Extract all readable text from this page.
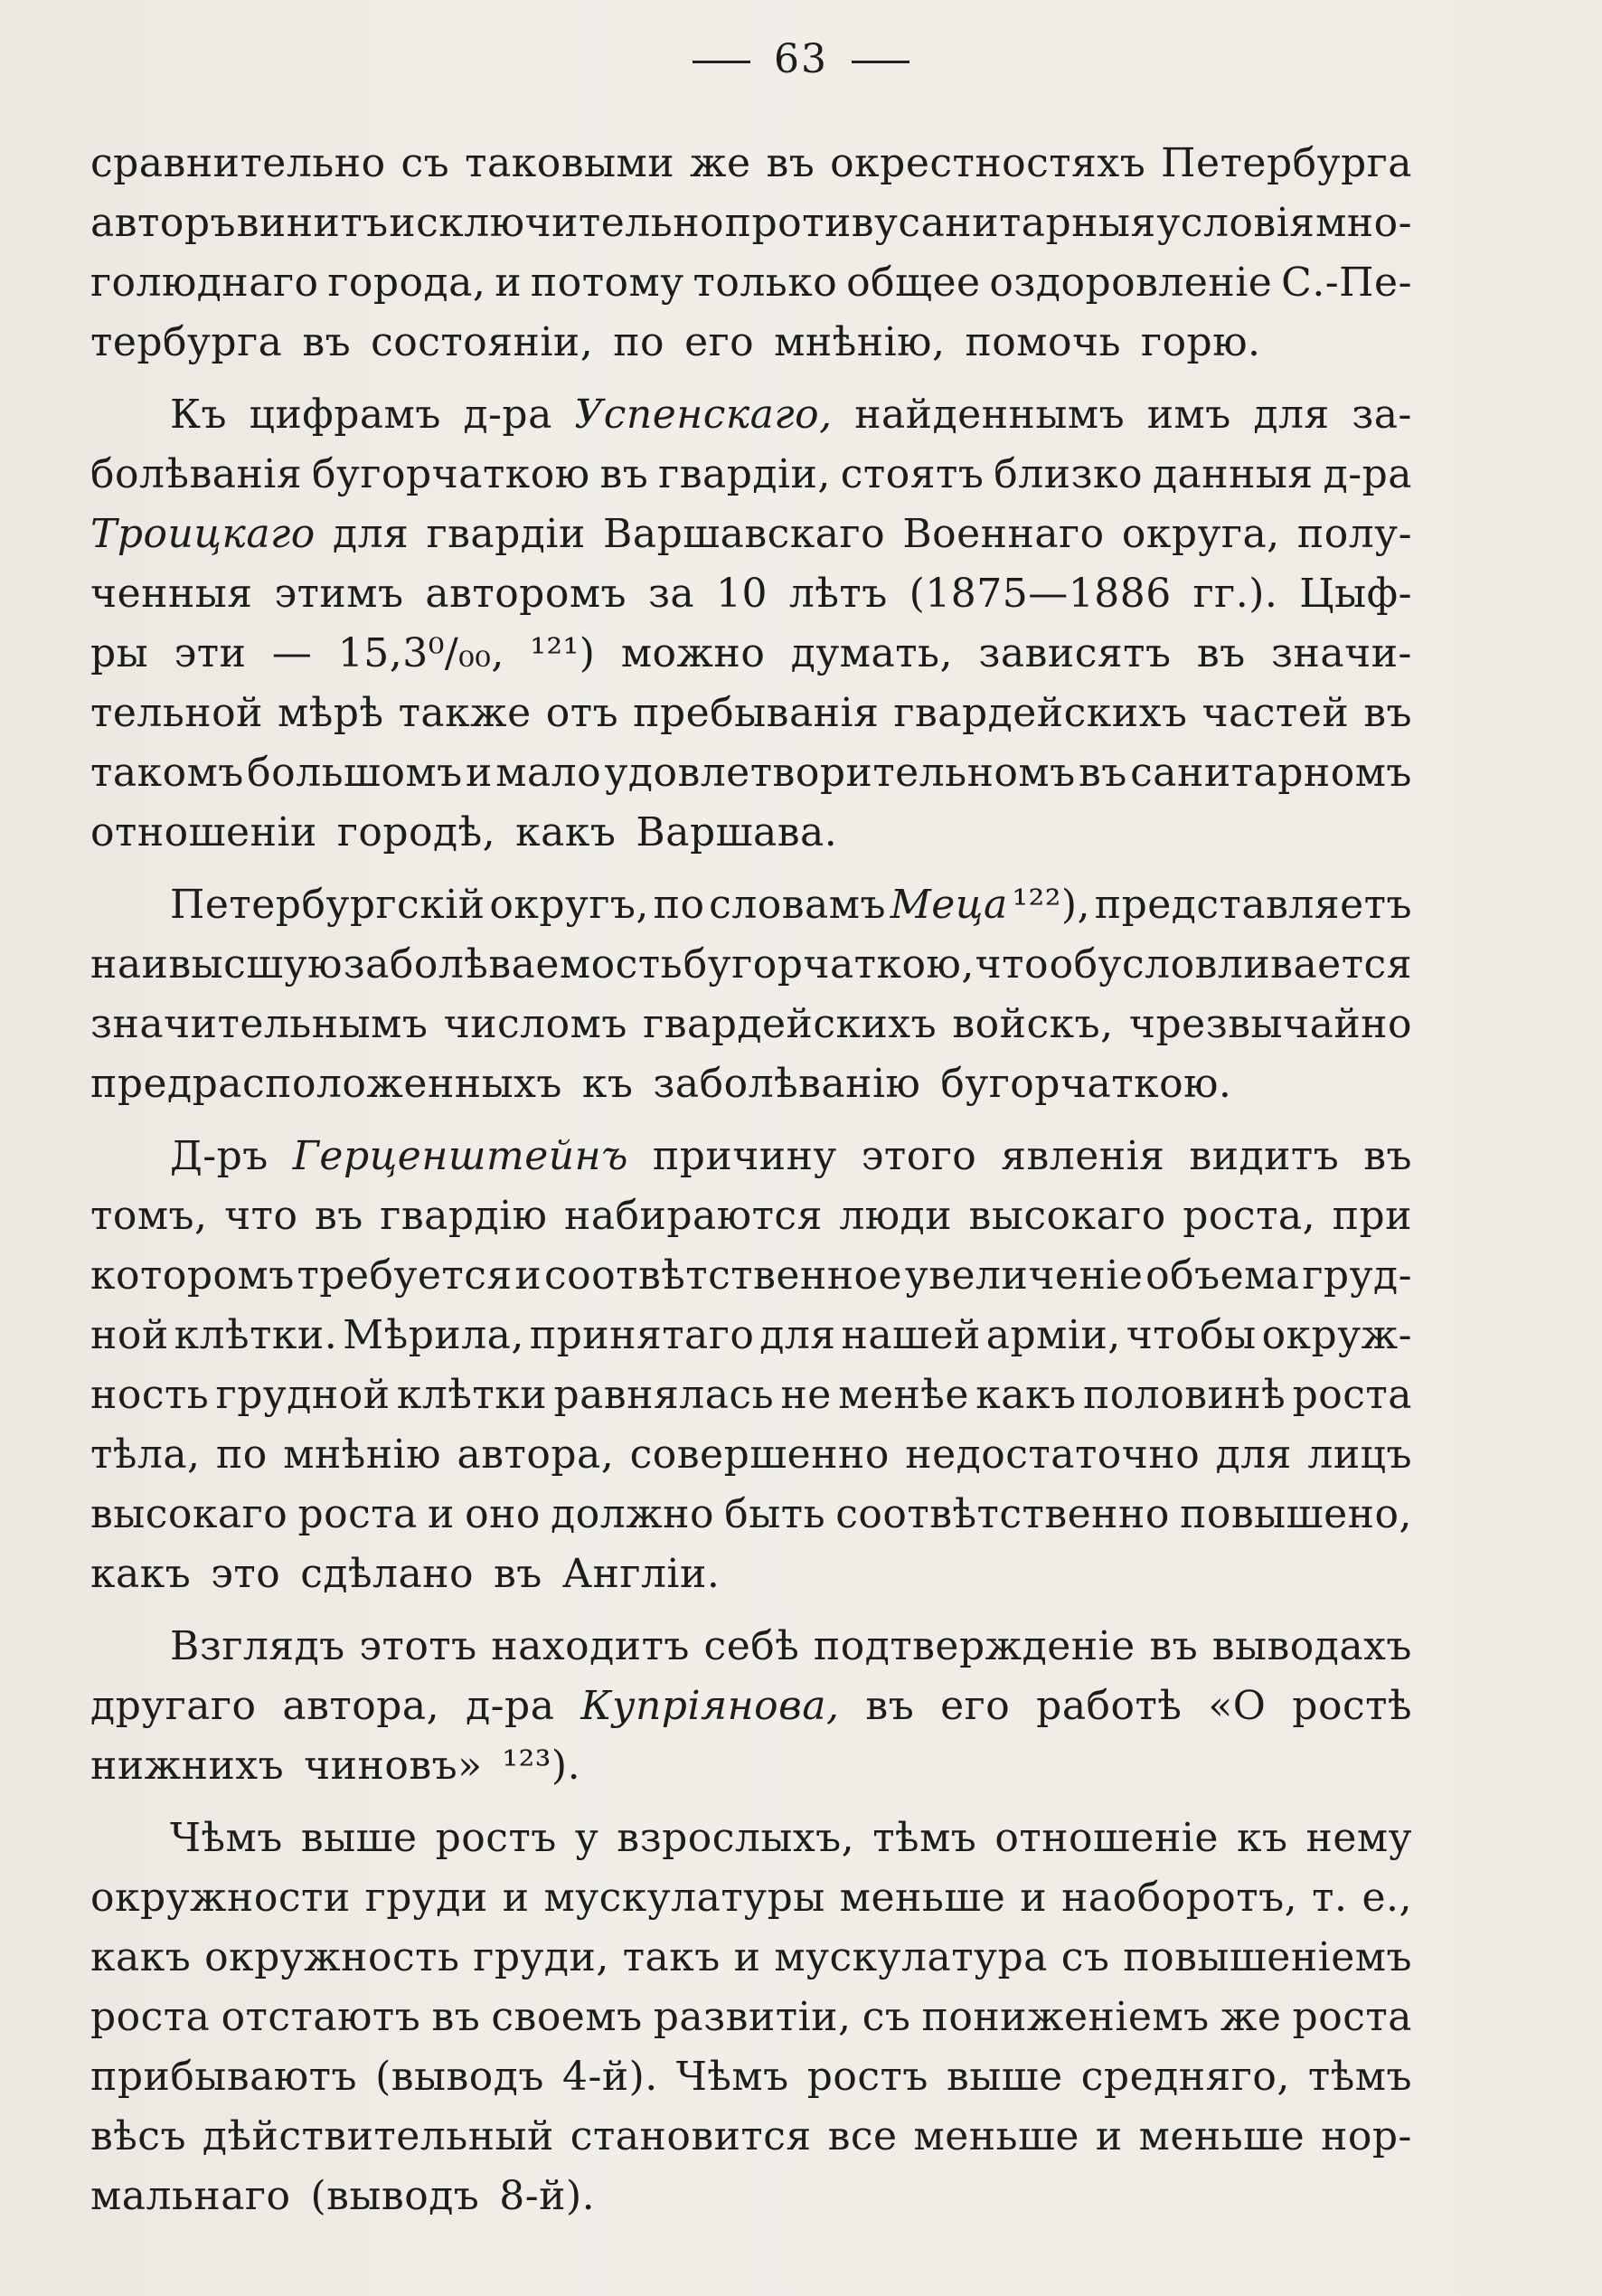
63
сравнительно съ таковыми же въ окрестностяхъ Петербурга
авторъ винитъ исключительно противусанитарныя условія мно-
голюднаго города, и потому только общее оздоровленіе С.-Пе-
тербурга въ состояніи, по его мнѣнію, помочь горю.
Къ цифрамъ д-ра Успенскаго, найденнымъ имъ для за-
болѣванія бугорчаткою въ гвардіи, стоятъ близко данныя д-ра
Троицкаго для гвардіи Варшавскаго Военнаго округа, полу-
ченныя этимъ авторомъ за 10 лѣтъ (1875—1886 гг.). Цыф-
ры эти — 15,3⁰/₀₀, ¹²¹) можно думать, зависятъ въ значи-
тельной мѣрѣ также отъ пребыванія гвардейскихъ частей въ
такомъ большомъ и мало удовлетворительномъ въ санитарномъ
отношеніи городѣ, какъ Варшава.
Петербургскій округъ, по словамъ Меца ¹²²), представляетъ
наивысшую заболѣваемость бугорчаткою, что обусловливается
значительнымъ числомъ гвардейскихъ войскъ, чрезвычайно
предрасположенныхъ къ заболѣванію бугорчаткою.
Д-ръ Герценштейнъ причину этого явленія видитъ въ
томъ, что въ гвардію набираются люди высокаго роста, при
которомъ требуется и соотвѣтственное увеличеніе объема груд-
ной клѣтки. Мѣрила, принятаго для нашей арміи, чтобы окруж-
ность грудной клѣтки равнялась не менѣе какъ половинѣ роста
тѣла, по мнѣнію автора, совершенно недостаточно для лицъ
высокаго роста и оно должно быть соотвѣтственно повышено,
какъ это сдѣлано въ Англіи.
Взглядъ этотъ находитъ себѣ подтвержденіе въ выводахъ
другаго автора, д-ра Купріянова, въ его работѣ «О ростѣ
нижнихъ чиновъ» ¹²³).
Чѣмъ выше ростъ у взрослыхъ, тѣмъ отношеніе къ нему
окружности груди и мускулатуры меньше и наоборотъ, т. е.,
какъ окружность груди, такъ и мускулатура съ повышеніемъ
роста отстаютъ въ своемъ развитіи, съ пониженіемъ же роста
прибываютъ (выводъ 4-й). Чѣмъ ростъ выше средняго, тѣмъ
вѣсъ дѣйствительный становится все меньше и меньше нор-
мальнаго (выводъ 8-й).
